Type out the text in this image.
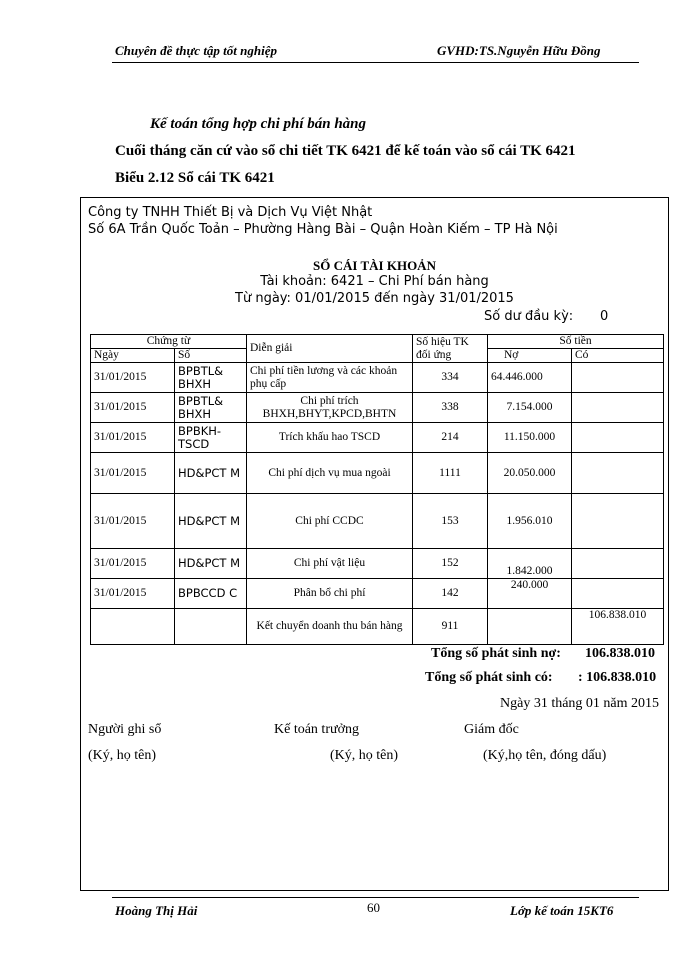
Chuyên đề thực tập tốt nghiệp	GVHD:TS.Nguyễn Hữu Đồng
Kế toán tổng hợp chi phí bán hàng
Cuối tháng căn cứ vào sổ chi tiết TK 6421 để kế toán vào sổ cái TK 6421
Biểu 2.12 Sổ cái TK 6421
Công ty TNHH Thiết Bị và Dịch Vụ Việt Nhật
Số 6A Trần Quốc Toản – Phường Hàng Bài – Quận Hoàn Kiếm – TP Hà Nội
SỔ CÁI TÀI KHOẢN
Tài khoản: 6421 – Chi Phí bán hàng
Từ ngày: 01/01/2015 đến ngày 31/01/2015
Số dư đầu kỳ: 0
Chứng từ		Diễn giải	Số hiệu TK đối ứng	Số tiền	
Ngày	Số			Nợ	Có
31/01/2015	BPBTL& BHXH	Chi phí tiền lương và các khoản phụ cấp	334	64.446.000	
31/01/2015	BPBTL& BHXH	Chi phí trích BHXH,BHYT,KPCD,BHTN	338	7.154.000	
31/01/2015	BPBKH- TSCD	Trích khấu hao TSCD	214	11.150.000	
31/01/2015	HD&PCT M	Chi phí dịch vụ mua ngoài	1111	20.050.000	
31/01/2015	HD&PCT M	Chi phí CCDC	153	1.956.010	
31/01/2015	HD&PCT M	Chi phí vật liệu	152	1.842.000	
31/01/2015	BPBCCD C	Phân bổ chi phí	142	240.000	
		Kết chuyển doanh thu bán hàng	911		106.838.010
Tổng số phát sinh nợ: 106.838.010
Tổng số phát sinh có: : 106.838.010
Ngày 31 tháng 01 năm 2015
Người ghi sổ	Kế toán trưởng	Giám đốc
(Ký, họ tên)	(Ký, họ tên)	(Ký,họ tên, đóng dấu)
Hoàng Thị Hải	60	Lớp kế toán 15KT6
